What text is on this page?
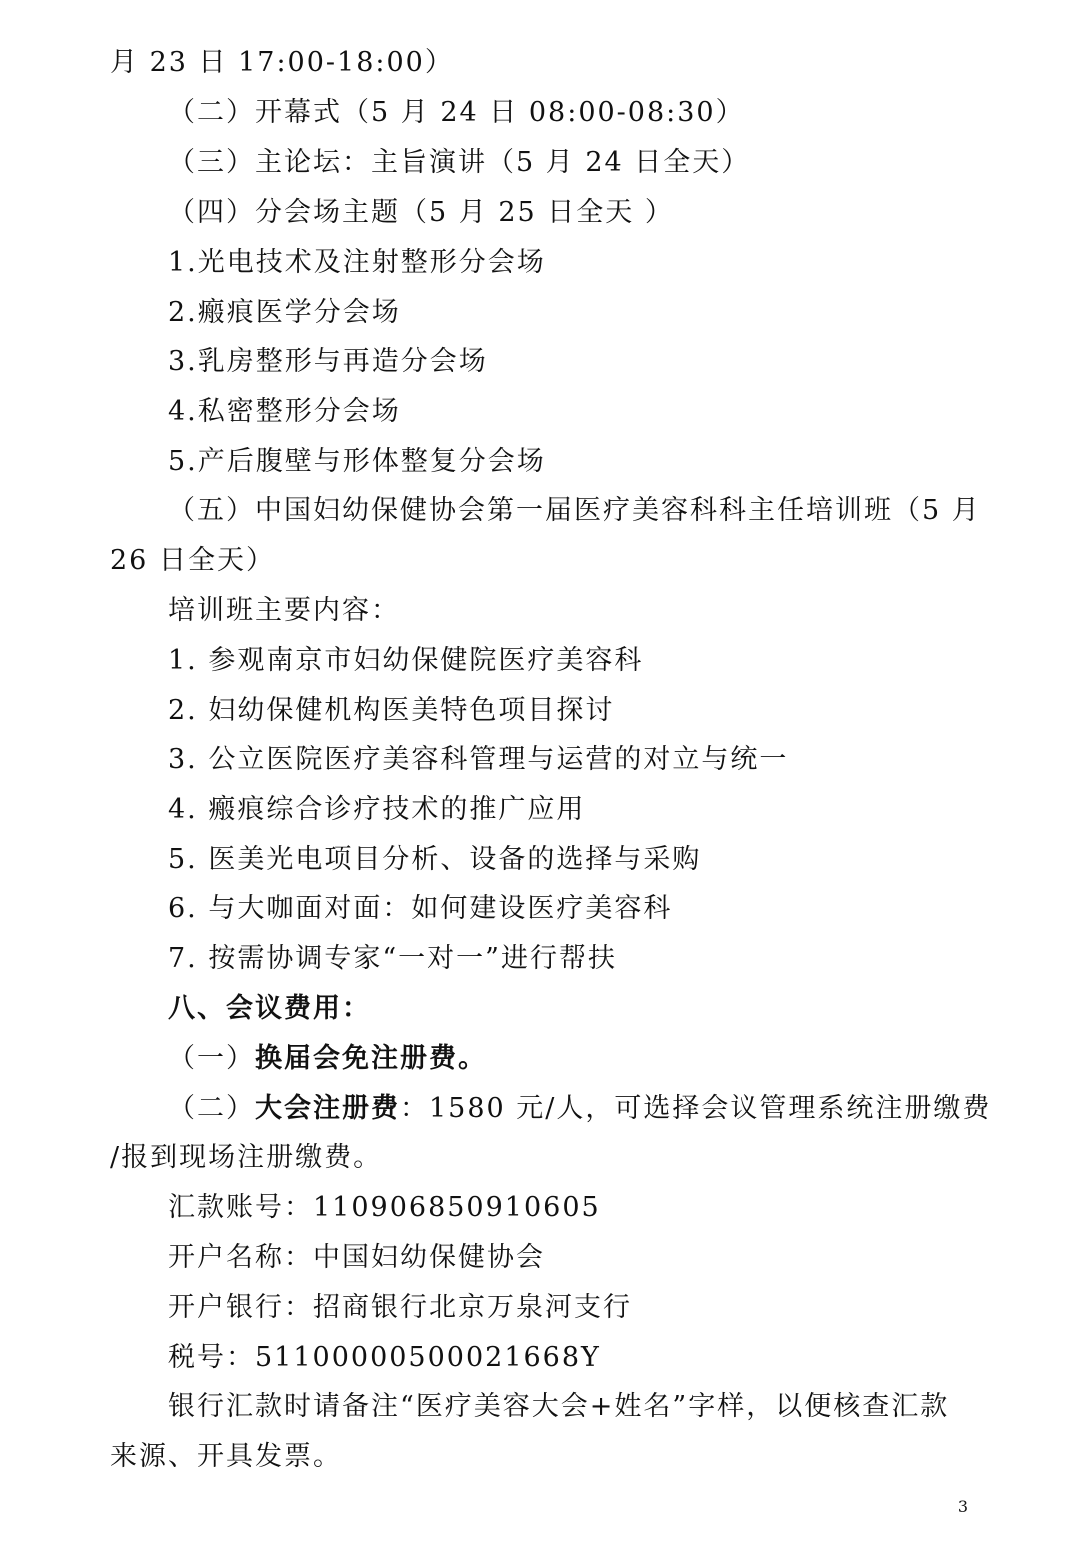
月 23 日 17:00-18:00）
（二）开幕式（5 月 24 日 08:00-08:30）
（三）主论坛：主旨演讲（5 月 24 日全天）
（四）分会场主题（5 月 25 日全天 ）
1.光电技术及注射整形分会场
2.瘢痕医学分会场
3.乳房整形与再造分会场
4.私密整形分会场
5.产后腹壁与形体整复分会场
（五）中国妇幼保健协会第一届医疗美容科科主任培训班（5 月
26 日全天）
培训班主要内容：
1. 参观南京市妇幼保健院医疗美容科
2. 妇幼保健机构医美特色项目探讨
3. 公立医院医疗美容科管理与运营的对立与统一
4. 瘢痕综合诊疗技术的推广应用
5. 医美光电项目分析、设备的选择与采购
6. 与大咖面对面：如何建设医疗美容科
7. 按需协调专家“一对一”进行帮扶
八、会议费用：
（一）换届会免注册费。
（二）大会注册费：1580 元/人，可选择会议管理系统注册缴费
/报到现场注册缴费。
汇款账号：110906850910605
开户名称：中国妇幼保健协会
开户银行：招商银行北京万泉河支行
税号：51100000500021668Y
银行汇款时请备注“医疗美容大会+姓名”字样，以便核查汇款
来源、开具发票。
3
